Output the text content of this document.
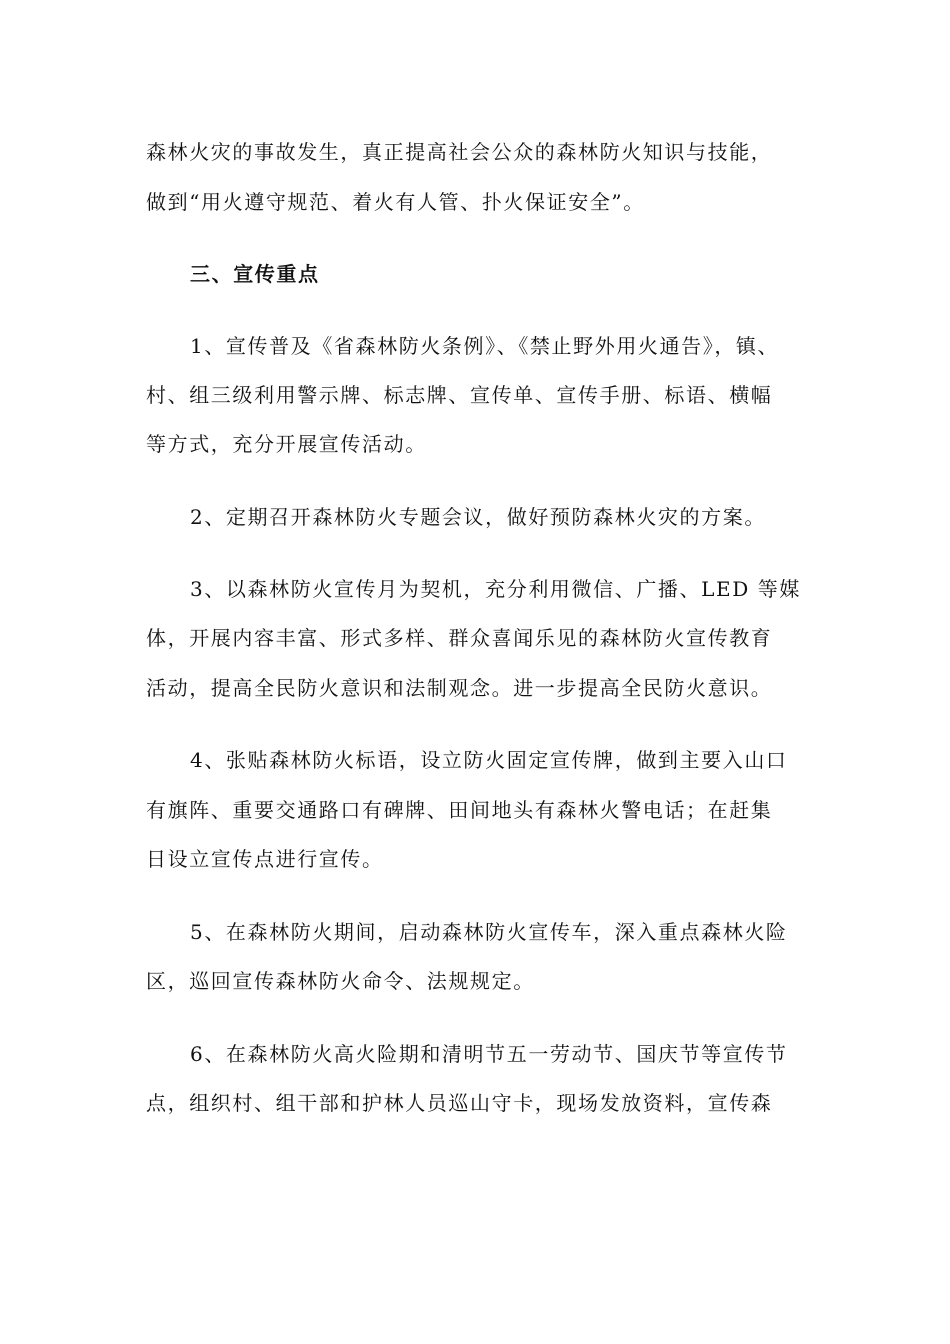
森林火灾的事故发生，真正提高社会公众的森林防火知识与技能，
做到“用火遵守规范、着火有人管、扑火保证安全”。
三、宣传重点
1、宣传普及《省森林防火条例》、《禁止野外用火通告》，镇、
村、组三级利用警示牌、标志牌、宣传单、宣传手册、标语、横幅
等方式，充分开展宣传活动。
2、定期召开森林防火专题会议，做好预防森林火灾的方案。
3、以森林防火宣传月为契机，充分利用微信、广播、LED 等媒
体，开展内容丰富、形式多样、群众喜闻乐见的森林防火宣传教育
活动，提高全民防火意识和法制观念。进一步提高全民防火意识。
4、张贴森林防火标语，设立防火固定宣传牌，做到主要入山口
有旗阵、重要交通路口有碑牌、田间地头有森林火警电话；在赶集
日设立宣传点进行宣传。
5、在森林防火期间，启动森林防火宣传车，深入重点森林火险
区，巡回宣传森林防火命令、法规规定。
6、在森林防火高火险期和清明节五一劳动节、国庆节等宣传节
点，组织村、组干部和护林人员巡山守卡，现场发放资料，宣传森
